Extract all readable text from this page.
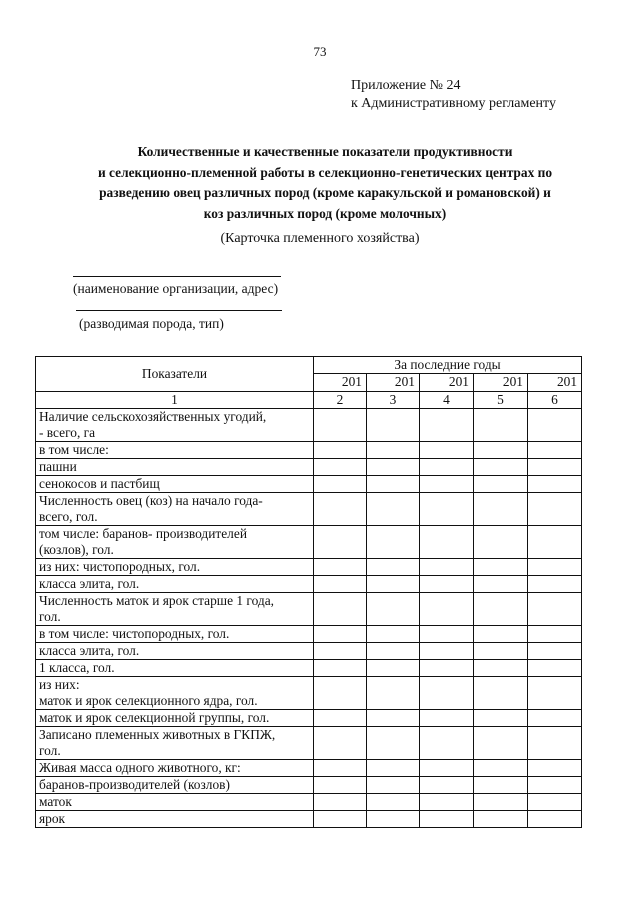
73
Приложение № 24
к Административному регламенту
Количественные и качественные показатели продуктивности
и селекционно-племенной работы в селекционно-генетических центрах по
разведению овец различных пород (кроме каракульской и романовской) и
коз различных пород (кроме молочных)
(Карточка племенного хозяйства)
(наименование организации, адрес)
(разводимая порода, тип)
Показатели	За последние годы				
	201	201	201	201	201
1	2	3	4	5	6

Наличие сельскохозяйственных угодий,
- всего, га					

в том числе:					

пашни					

сенокосов и пастбищ					

Численность овец (коз) на начало года-
всего, гол.					

том числе: баранов- производителей
(козлов), гол.					

из них: чистопородных, гол.					

класса элита, гол.					

Численность маток и ярок старше 1 года,
гол.					

в том числе: чистопородных, гол.					

класса элита, гол.					

1 класса, гол.					

из них:
маток и ярок селекционного ядра, гол.					

маток и ярок селекционной группы, гол.					

Записано племенных животных в ГКПЖ,
гол.					

Живая масса одного животного, кг:					

баранов-производителей (козлов)					

маток					

ярок					
